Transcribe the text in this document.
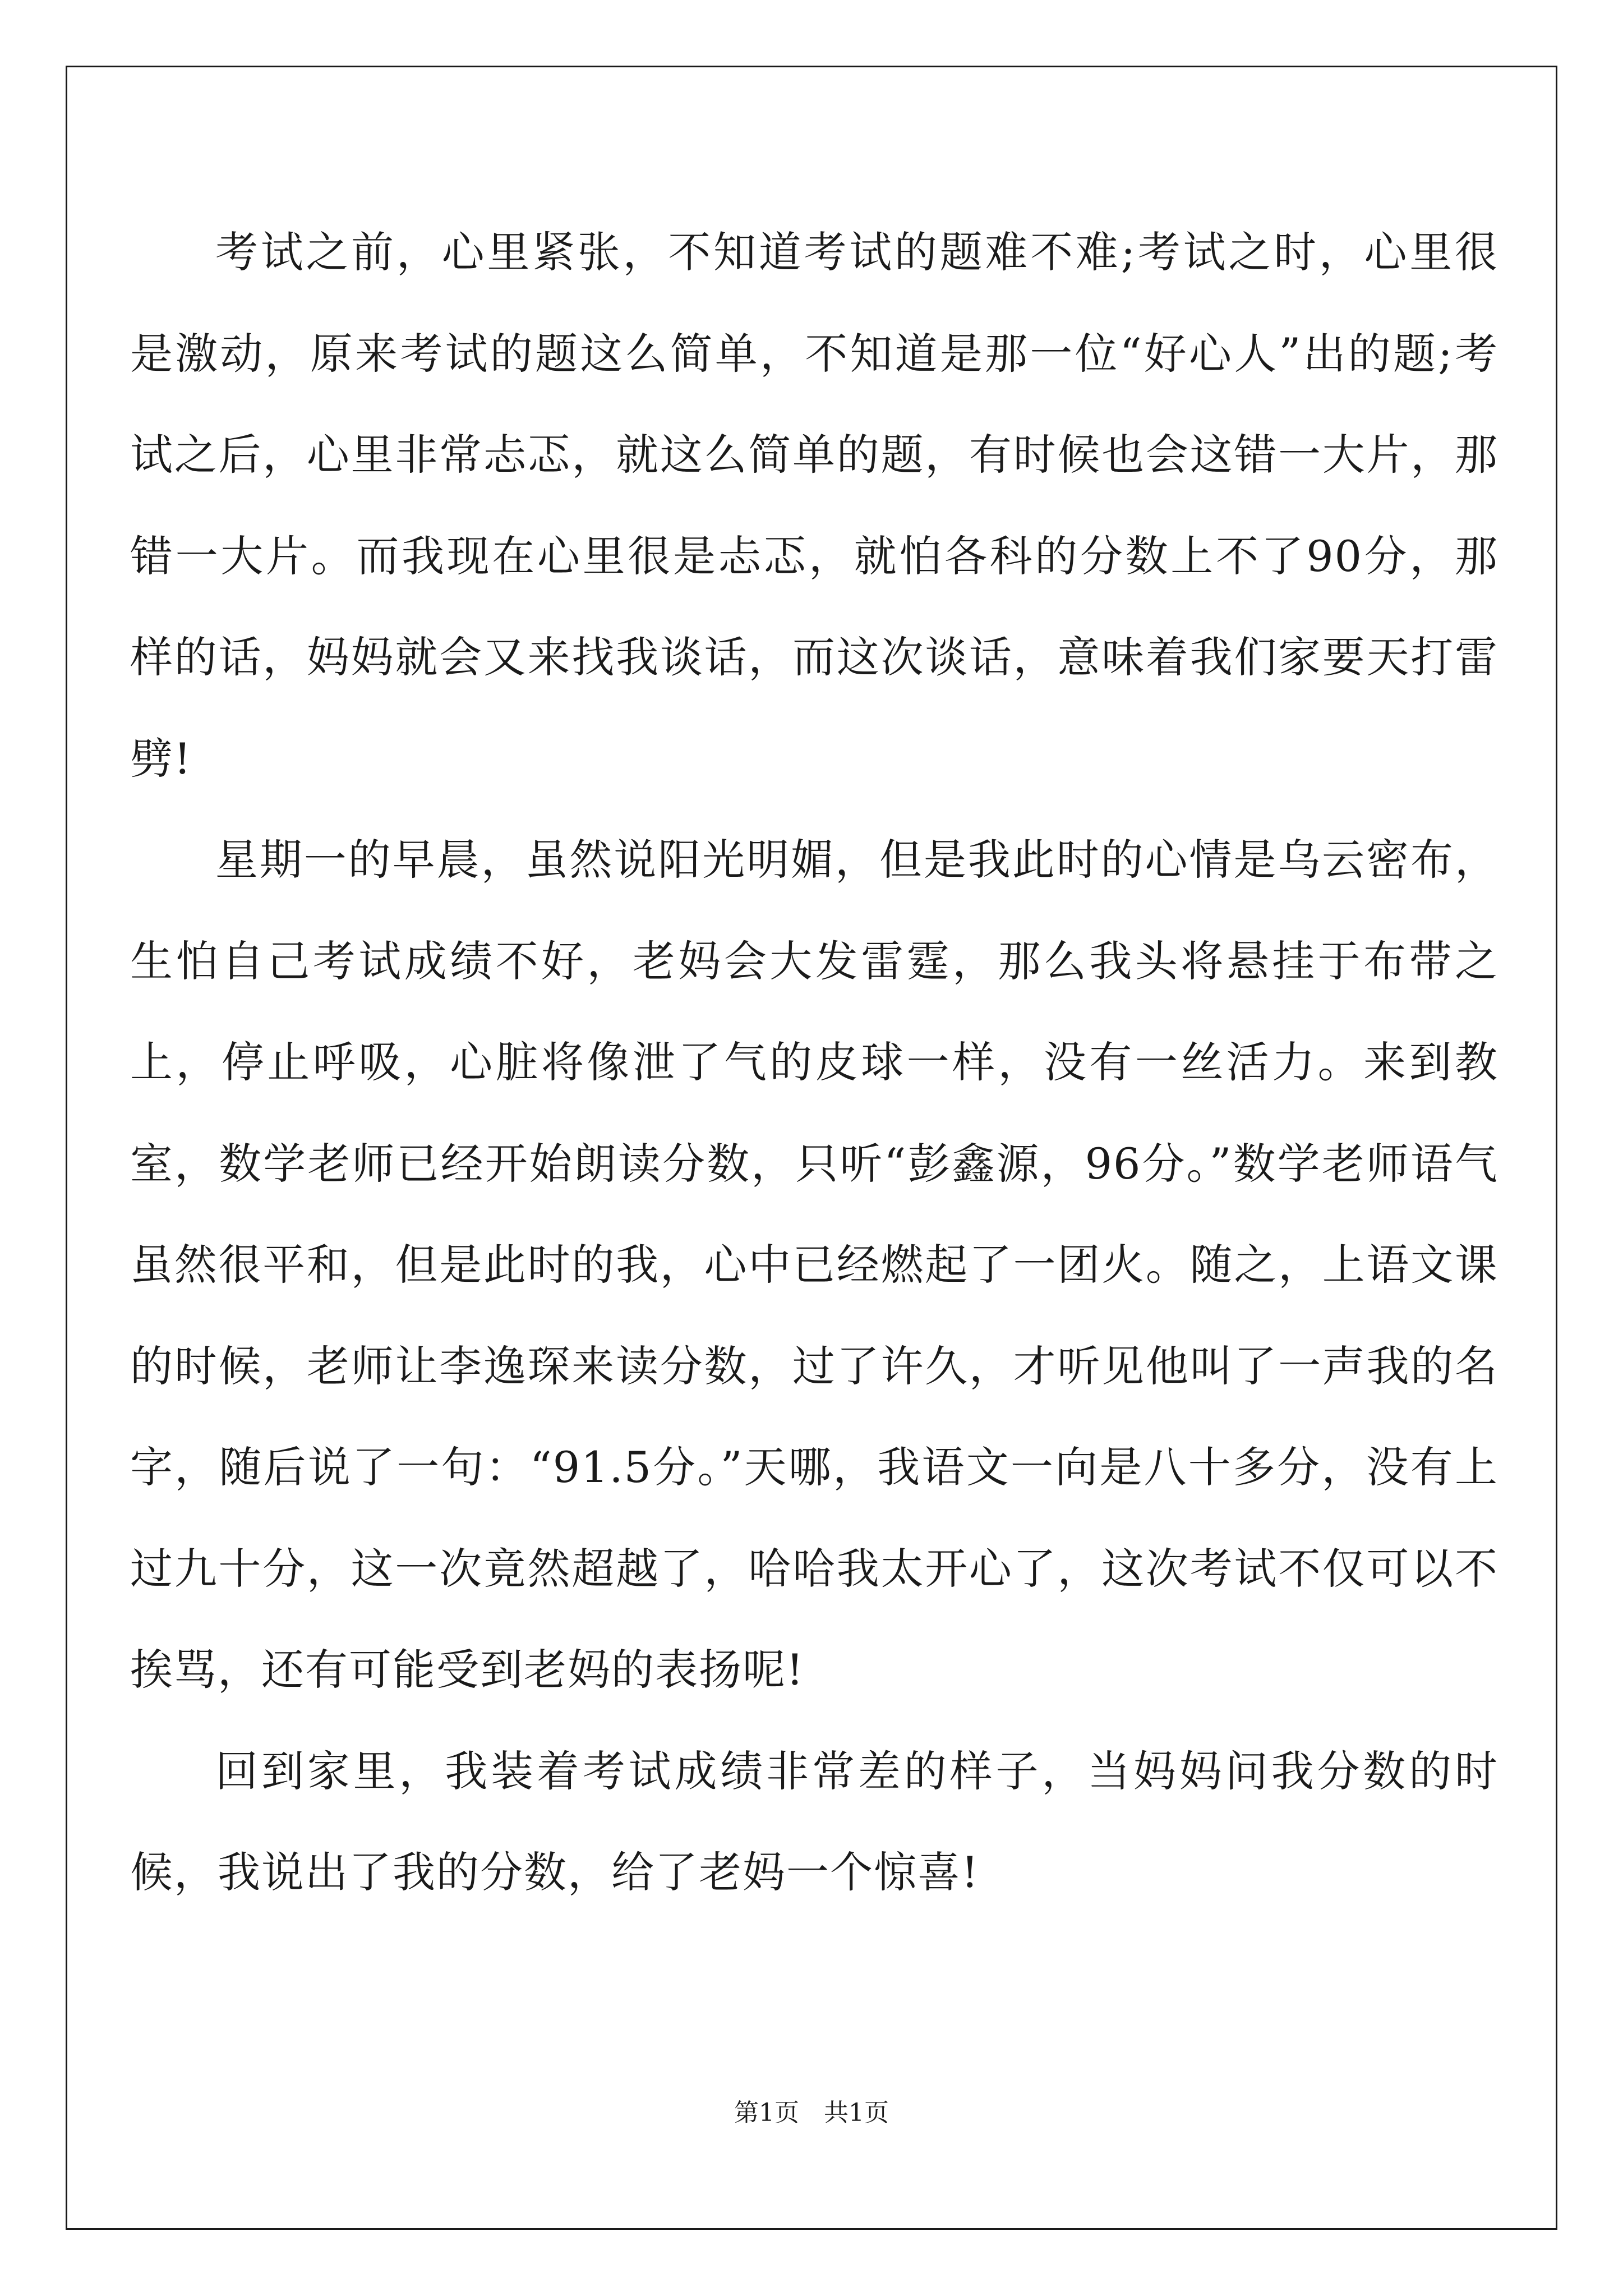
考试之前，心里紧张，不知道考试的题难不难;考试之时，心里很是激动，原来考试的题这么简单，不知道是那一位“好心人”出的题;考试之后，心里非常忐忑，就这么简单的题，有时候也会这错一大片，那错一大片。而我现在心里很是忐忑，就怕各科的分数上不了90分，那样的话，妈妈就会又来找我谈话，而这次谈话，意味着我们家要天打雷劈!

星期一的早晨，虽然说阳光明媚，但是我此时的心情是乌云密布，生怕自己考试成绩不好，老妈会大发雷霆，那么我头将悬挂于布带之上，停止呼吸，心脏将像泄了气的皮球一样，没有一丝活力。来到教室，数学老师已经开始朗读分数，只听“彭鑫源，96分。”数学老师语气虽然很平和，但是此时的我，心中已经燃起了一团火。随之，上语文课的时候，老师让李逸琛来读分数，过了许久，才听见他叫了一声我的名字，随后说了一句：“91.5分。”天哪，我语文一向是八十多分，没有上过九十分，这一次竟然超越了，哈哈我太开心了，这次考试不仅可以不挨骂，还有可能受到老妈的表扬呢!

回到家里，我装着考试成绩非常差的样子，当妈妈问我分数的时候，我说出了我的分数，给了老妈一个惊喜!

第1页 共1页
